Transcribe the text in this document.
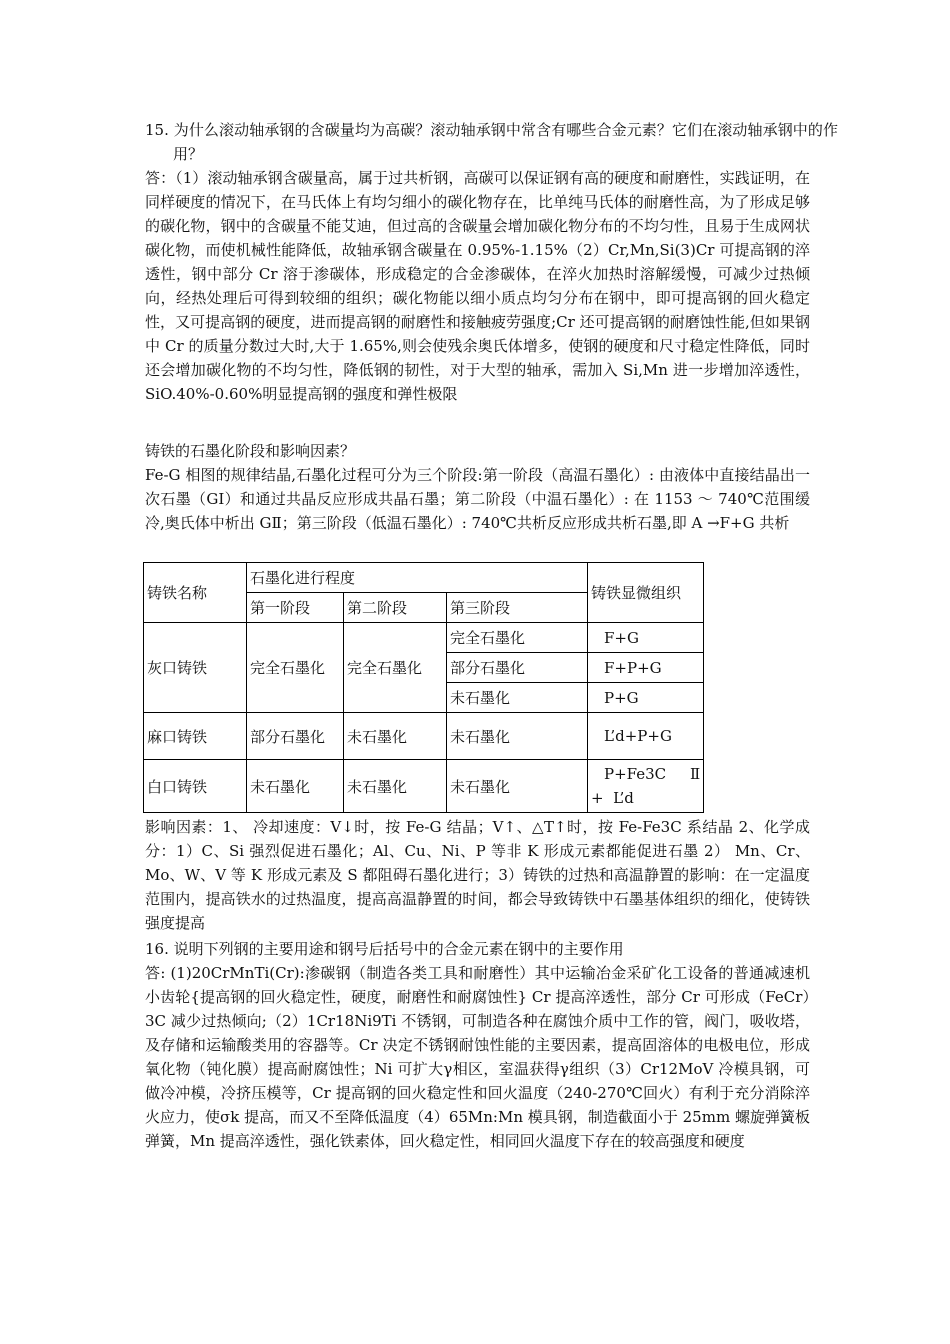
15. 为什么滚动轴承钢的含碳量均为高碳？滚动轴承钢中常含有哪些合金元素？它们在滚动轴承钢中的作用？

答：（1）滚动轴承钢含碳量高，属于过共析钢，高碳可以保证钢有高的硬度和耐磨性，实践证明，在同样硬度的情况下，在马氏体上有均匀细小的碳化物存在，比单纯马氏体的耐磨性高，为了形成足够的碳化物，钢中的含碳量不能艾迪，但过高的含碳量会增加碳化物分布的不均匀性，且易于生成网状碳化物，而使机械性能降低，故轴承钢含碳量在 0.95%-1.15%（2）Cr,Mn,Si(3)Cr 可提高钢的淬透性，钢中部分 Cr 溶于渗碳体，形成稳定的合金渗碳体，在淬火加热时溶解缓慢，可减少过热倾向，经热处理后可得到较细的组织；碳化物能以细小质点均匀分布在钢中，即可提高钢的回火稳定性，又可提高钢的硬度，进而提高钢的耐磨性和接触疲劳强度;Cr 还可提高钢的耐磨蚀性能,但如果钢中 Cr 的质量分数过大时,大于 1.65%,则会使残余奥氏体增多，使钢的硬度和尺寸稳定性降低，同时还会增加碳化物的不均匀性，降低钢的韧性，对于大型的轴承，需加入 Si,Mn 进一步增加淬透性，SiO.40%-0.60%明显提高钢的强度和弹性极限

铸铁的石墨化阶段和影响因素？

Fe-G 相图的规律结晶,石墨化过程可分为三个阶段:第一阶段（高温石墨化）: 由液体中直接结晶出一次石墨（GI）和通过共晶反应形成共晶石墨；第二阶段（中温石墨化）: 在 1153 ～ 740℃范围缓冷,奥氏体中析出 GⅡ；第三阶段（低温石墨化）: 740℃共析反应形成共析石墨,即 A →F+G 共析

铸铁名称	石墨化进行程度			铸铁显微组织
	第一阶段	第二阶段	第三阶段	
灰口铸铁	完全石墨化	完全石墨化	完全石墨化	F+G
			部分石墨化	F+P+G
			未石墨化	P+G
麻口铸铁	部分石墨化	未石墨化	未石墨化	L’d+P+G
白口铸铁	未石墨化	未石墨化	未石墨化	P+Fe3C     Ⅱ
+  L’d

影响因素：1、 冷却速度：V↓时，按 Fe-G 结晶；V↑、△T↑时，按 Fe-Fe3C 系结晶 2、化学成分：1）C、Si 强烈促进石墨化；Al、Cu、Ni、P 等非 K 形成元素都能促进石墨 2） Mn、Cr、Mo、W、V 等 K 形成元素及 S 都阻碍石墨化进行；3）铸铁的过热和高温静置的影响：在一定温度范围内，提高铁水的过热温度，提高高温静置的时间，都会导致铸铁中石墨基体组织的细化，使铸铁强度提高

16. 说明下列钢的主要用途和钢号后括号中的合金元素在钢中的主要作用

答: (1)20CrMnTi(Cr):渗碳钢（制造各类工具和耐磨性）其中运输冶金采矿化工设备的普通减速机小齿轮{提高钢的回火稳定性，硬度，耐磨性和耐腐蚀性} Cr 提高淬透性，部分 Cr 可形成（FeCr）3C 减少过热倾向;（2）1Cr18Ni9Ti 不锈钢，可制造各种在腐蚀介质中工作的管，阀门，吸收塔，及存储和运输酸类用的容器等。Cr 决定不锈钢耐蚀性能的主要因素，提高固溶体的电极电位，形成氧化物（钝化膜）提高耐腐蚀性；Ni 可扩大γ相区，室温获得γ组织（3）Cr12MoV 冷模具钢，可做冷冲模，冷挤压模等，Cr 提高钢的回火稳定性和回火温度（240-270℃回火）有利于充分消除淬火应力，使σk 提高，而又不至降低温度（4）65Mn:Mn 模具钢，制造截面小于 25mm 螺旋弹簧板弹簧，Mn 提高淬透性，强化铁素体，回火稳定性，相同回火温度下存在的较高强度和硬度
